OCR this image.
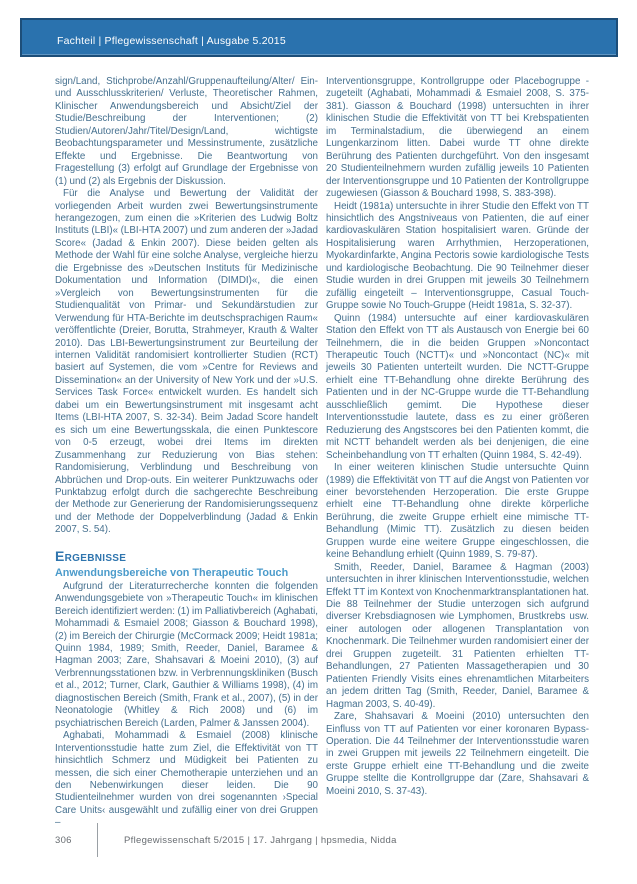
Fachteil | Pflegewissenschaft | Ausgabe 5.2015

sign/Land, Stichprobe/Anzahl/Gruppenaufteilung/Alter/ Ein- und Ausschlusskriterien/ Verluste, Theoretischer Rahmen, Klinischer Anwendungsbereich und Absicht/Ziel der Studie/Beschreibung der Interventionen; (2) Studien/Autoren/Jahr/Titel/Design/Land, wichtigste Beobachtungsparameter und Messinstrumente, zusätzliche Effekte und Ergebnisse. Die Beantwortung von Fragestellung (3) erfolgt auf Grundlage der Ergebnisse von (1) und (2) als Ergebnis der Diskussion.

Für die Analyse und Bewertung der Validität der vorliegenden Arbeit wurden zwei Bewertungsinstrumente herangezogen, zum einen die »Kriterien des Ludwig Boltz Instituts (LBI)« (LBI-HTA 2007) und zum anderen der »Jadad Score« (Jadad & Enkin 2007). Diese beiden gelten als Methode der Wahl für eine solche Analyse, vergleiche hierzu die Ergebnisse des »Deutschen Instituts für Medizinische Dokumentation und Information (DIMDI)«, die einen »Vergleich von Bewertungsinstrumenten für die Studienqualität von Primar- und Sekundärstudien zur Verwendung für HTA-Berichte im deutschsprachigen Raum« veröffentlichte (Dreier, Borutta, Strahmeyer, Krauth & Walter 2010). Das LBI-Bewertungsinstrument zur Beurteilung der internen Validität randomisiert kontrollierter Studien (RCT) basiert auf Systemen, die vom »Centre for Reviews and Dissemination« an der University of New York und der »U.S. Services Task Force« entwickelt wurden. Es handelt sich dabei um ein Bewertungsinstrument mit insgesamt acht Items (LBI-HTA 2007, S. 32-34). Beim Jadad Score handelt es sich um eine Bewertungsskala, die einen Punktescore von 0-5 erzeugt, wobei drei Items im direkten Zusammenhang zur Reduzierung von Bias stehen: Randomisierung, Verblindung und Beschreibung von Abbrüchen und Drop-outs. Ein weiterer Punktzuwachs oder Punktabzug erfolgt durch die sachgerechte Beschreibung der Methode zur Generierung der Randomisierungssequenz und der Methode der Doppelverblindung (Jadad & Enkin 2007, S. 54).

Ergebnisse
Anwendungsbereiche von Therapeutic Touch

Aufgrund der Literaturrecherche konnten die folgenden Anwendungsgebiete von »Therapeutic Touch« im klinischen Bereich identifiziert werden: (1) im Palliativbereich (Aghabati, Mohammadi & Esmaiel 2008; Giasson & Bouchard 1998), (2) im Bereich der Chirurgie (McCormack 2009; Heidt 1981a; Quinn 1984, 1989; Smith, Reeder, Daniel, Baramee & Hagman 2003; Zare, Shahsavari & Moeini 2010), (3) auf Verbrennungsstationen bzw. in Verbrennungskliniken (Busch et al., 2012; Turner, Clark, Gauthier & Williams 1998), (4) im diagnostischen Bereich (Smith, Frank et al., 2007), (5) in der Neonatologie (Whitley & Rich 2008) und (6) im psychiatrischen Bereich (Larden, Palmer & Janssen 2004).

Aghabati, Mohammadi & Esmaiel (2008) klinische Interventionsstudie hatte zum Ziel, die Effektivität von TT hinsichtlich Schmerz und Müdigkeit bei Patienten zu messen, die sich einer Chemotherapie unterziehen und an den Nebenwirkungen dieser leiden. Die 90 Studienteilnehmer wurden von drei sogenannten ›Special Care Units‹ ausgewählt und zufällig einer von drei Gruppen –

Interventionsgruppe, Kontrollgruppe oder Placebogruppe - zugeteilt (Aghabati, Mohammadi & Esmaiel 2008, S. 375-381). Giasson & Bouchard (1998) untersuchten in ihrer klinischen Studie die Effektivität von TT bei Krebspatienten im Terminalstadium, die überwiegend an einem Lungenkarzinom litten. Dabei wurde TT ohne direkte Berührung des Patienten durchgeführt. Von den insgesamt 20 Studienteilnehmern wurden zufällig jeweils 10 Patienten der Interventionsgruppe und 10 Patienten der Kontrollgruppe zugewiesen (Giasson & Bouchard 1998, S. 383-398).

Heidt (1981a) untersuchte in ihrer Studie den Effekt von TT hinsichtlich des Angstniveaus von Patienten, die auf einer kardiovaskulären Station hospitalisiert waren. Gründe der Hospitalisierung waren Arrhythmien, Herzoperationen, Myokardinfarkte, Angina Pectoris sowie kardiologische Tests und kardiologische Beobachtung. Die 90 Teilnehmer dieser Studie wurden in drei Gruppen mit jeweils 30 Teilnehmern zufällig eingeteilt – Interventionsgruppe, Casual Touch-Gruppe sowie No Touch-Gruppe (Heidt 1981a, S. 32-37).

Quinn (1984) untersuchte auf einer kardiovaskulären Station den Effekt von TT als Austausch von Energie bei 60 Teilnehmern, die in die beiden Gruppen »Noncontact Therapeutic Touch (NCTT)« und »Noncontact (NC)« mit jeweils 30 Patienten unterteilt wurden. Die NCTT-Gruppe erhielt eine TT-Behandlung ohne direkte Berührung des Patienten und in der NC-Gruppe wurde die TT-Behandlung ausschließlich gemimt. Die Hypothese dieser Interventionsstudie lautete, dass es zu einer größeren Reduzierung des Angstscores bei den Patienten kommt, die mit NCTT behandelt werden als bei denjenigen, die eine Scheinbehandlung von TT erhalten (Quinn 1984, S. 42-49).

In einer weiteren klinischen Studie untersuchte Quinn (1989) die Effektivität von TT auf die Angst von Patienten vor einer bevorstehenden Herzoperation. Die erste Gruppe erhielt eine TT-Behandlung ohne direkte körperliche Berührung, die zweite Gruppe erhielt eine mimische TT-Behandlung (Mimic TT). Zusätzlich zu diesen beiden Gruppen wurde eine weitere Gruppe eingeschlossen, die keine Behandlung erhielt (Quinn 1989, S. 79-87).

Smith, Reeder, Daniel, Baramee & Hagman (2003) untersuchten in ihrer klinischen Interventionsstudie, welchen Effekt TT im Kontext von Knochenmarktransplantationen hat. Die 88 Teilnehmer der Studie unterzogen sich aufgrund diverser Krebsdiagnosen wie Lymphomen, Brustkrebs usw. einer autologen oder allogenen Transplantation von Knochenmark. Die Teilnehmer wurden randomisiert einer der drei Gruppen zugeteilt. 31 Patienten erhielten TT-Behandlungen, 27 Patienten Massagetherapien und 30 Patienten Friendly Visits eines ehrenamtlichen Mitarbeiters an jedem dritten Tag (Smith, Reeder, Daniel, Baramee & Hagman 2003, S. 40-49).

Zare, Shahsavari & Moeini (2010) untersuchten den Einfluss von TT auf Patienten vor einer koronaren Bypass-Operation. Die 44 Teilnehmer der Interventionsstudie waren in zwei Gruppen mit jeweils 22 Teilnehmern eingeteilt. Die erste Gruppe erhielt eine TT-Behandlung und die zweite Gruppe stellte die Kontrollgruppe dar (Zare, Shahsavari & Moeini 2010, S. 37-43).

306	Pflegewissenschaft 5/2015 | 17. Jahrgang | hpsmedia, Nidda
